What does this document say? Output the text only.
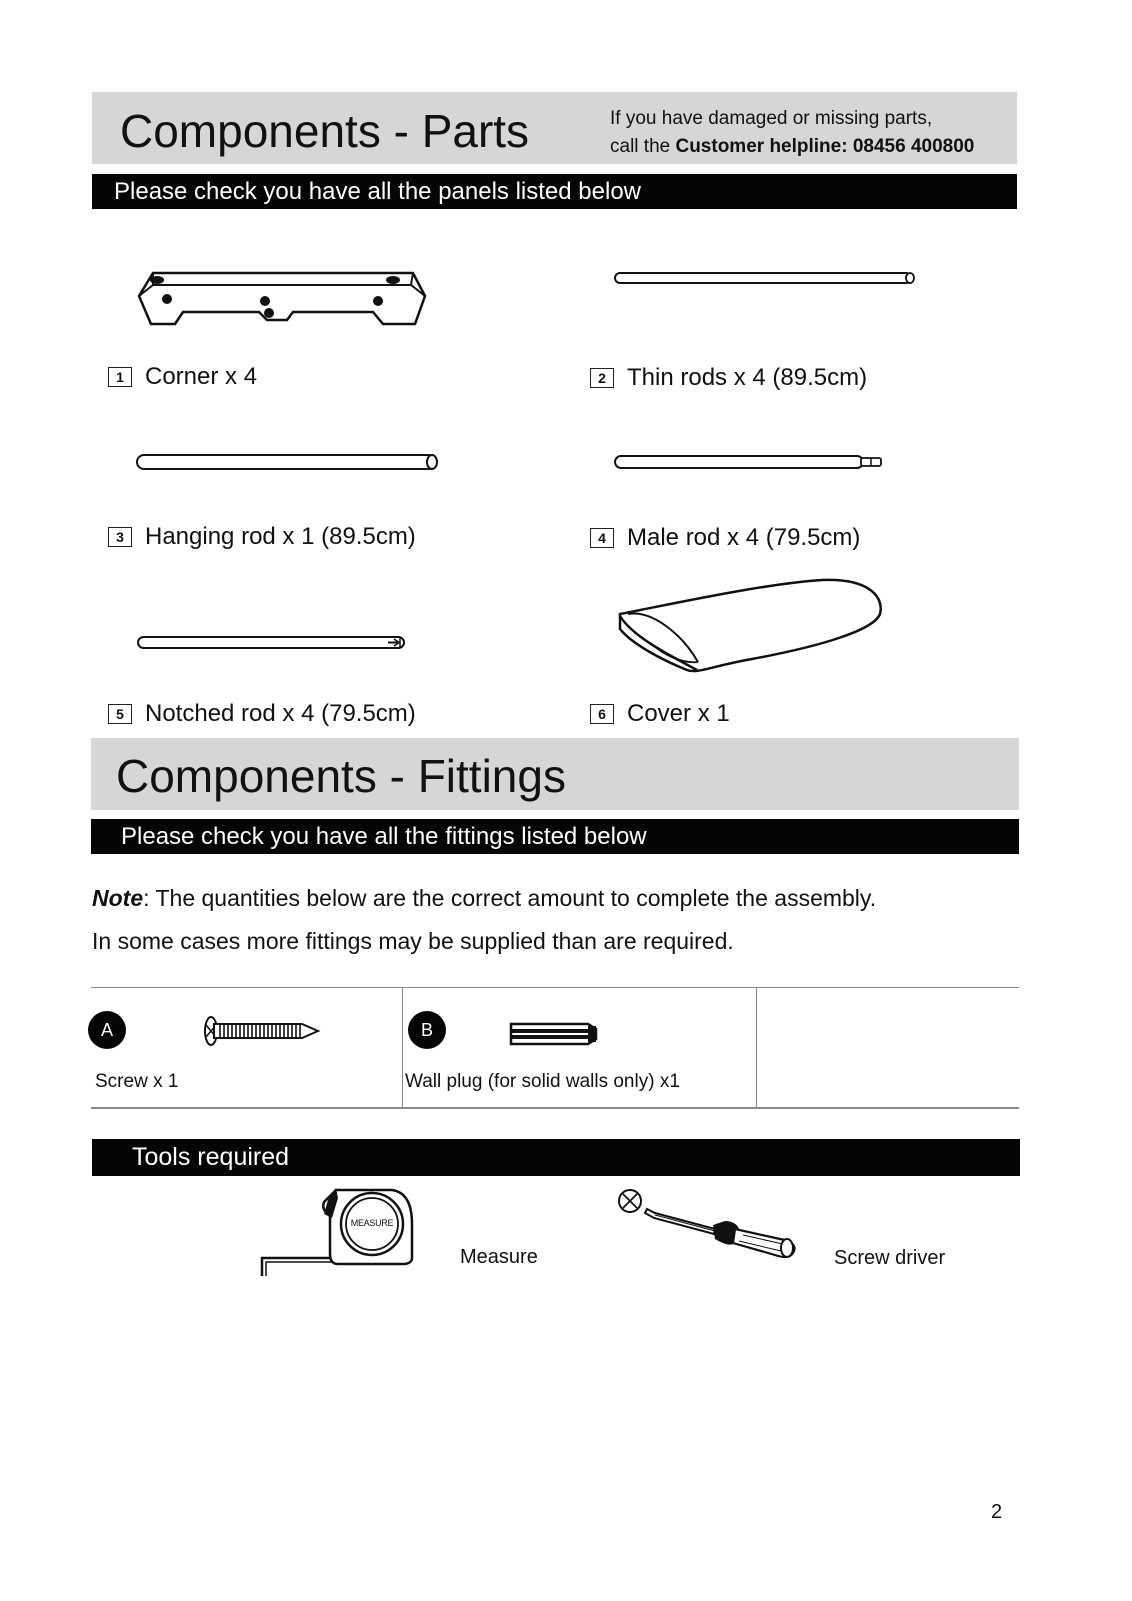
Components - Parts	If you have damaged or missing parts,
call the Customer helpline: 08456 400800
Please check you have all the panels listed below
1 Corner x 4	2 Thin rods x 4 (89.5cm)
3 Hanging rod x 1 (89.5cm)	4 Male rod x 4 (79.5cm)
5 Notched rod x 4 (79.5cm)	6 Cover x 1
Components - Fittings
Please check you have all the fittings listed below
Note: The quantities below are the correct amount to complete the assembly.
In some cases more fittings may be supplied than are required.
A
Screw x 1
B
Wall plug (for solid walls only) x1
Tools required
MEASURE
Measure	Screw driver
2
